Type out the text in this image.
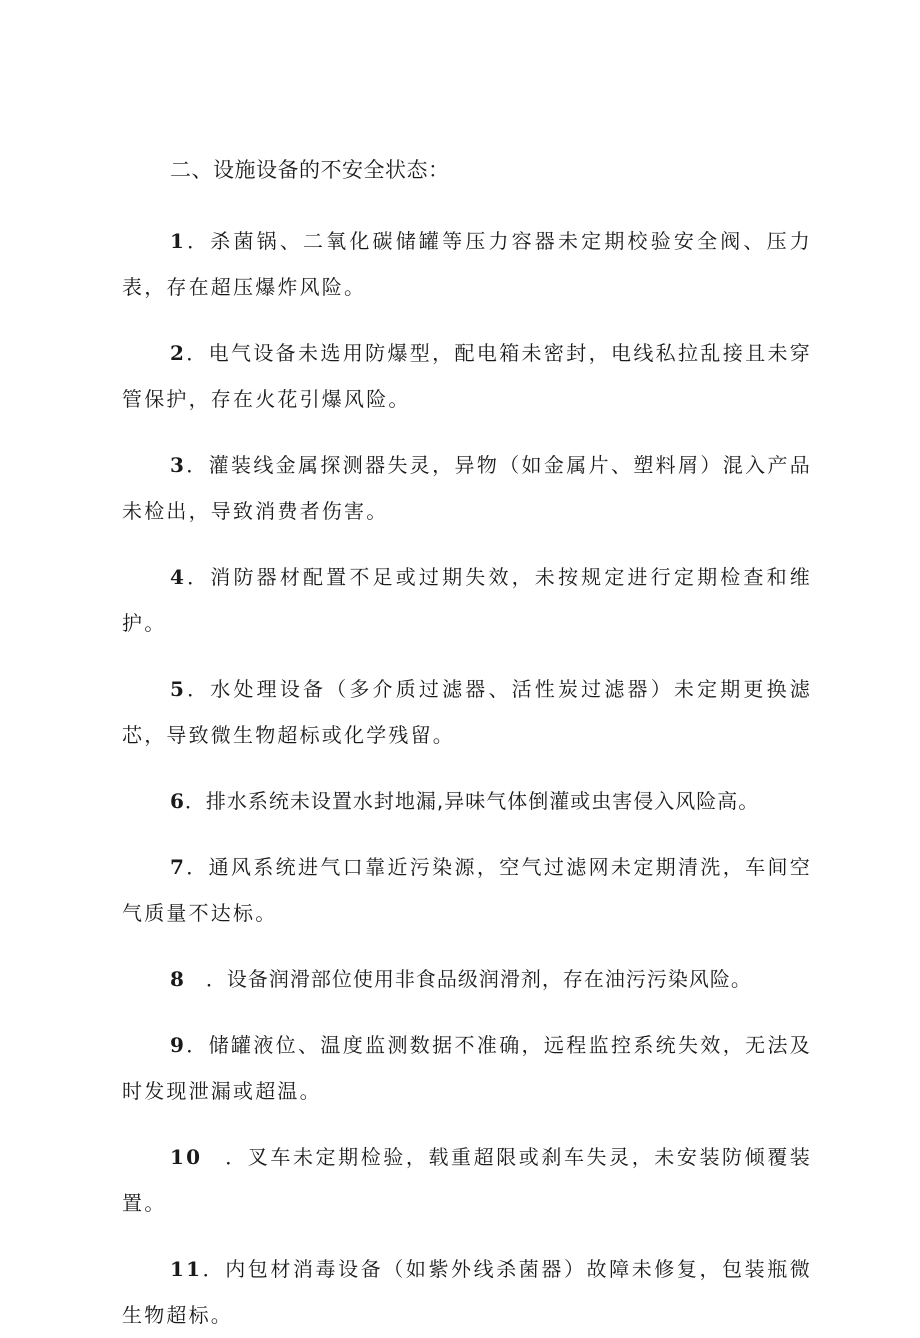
二、设施设备的不安全状态：

1．杀菌锅、二氧化碳储罐等压力容器未定期校验安全阀、压力表，存在超压爆炸风险。

2．电气设备未选用防爆型，配电箱未密封，电线私拉乱接且未穿管保护，存在火花引爆风险。

3．灌装线金属探测器失灵，异物（如金属片、塑料屑）混入产品未检出，导致消费者伤害。

4．消防器材配置不足或过期失效，未按规定进行定期检查和维护。

5．水处理设备（多介质过滤器、活性炭过滤器）未定期更换滤芯，导致微生物超标或化学残留。

6．排水系统未设置水封地漏,异味气体倒灌或虫害侵入风险高。

7．通风系统进气口靠近污染源，空气过滤网未定期清洗，车间空气质量不达标。

8　．设备润滑部位使用非食品级润滑剂，存在油污污染风险。

9．储罐液位、温度监测数据不准确，远程监控系统失效，无法及时发现泄漏或超温。

10　．叉车未定期检验，载重超限或刹车失灵，未安装防倾覆装置。

11．内包材消毒设备（如紫外线杀菌器）故障未修复，包装瓶微生物超标。
